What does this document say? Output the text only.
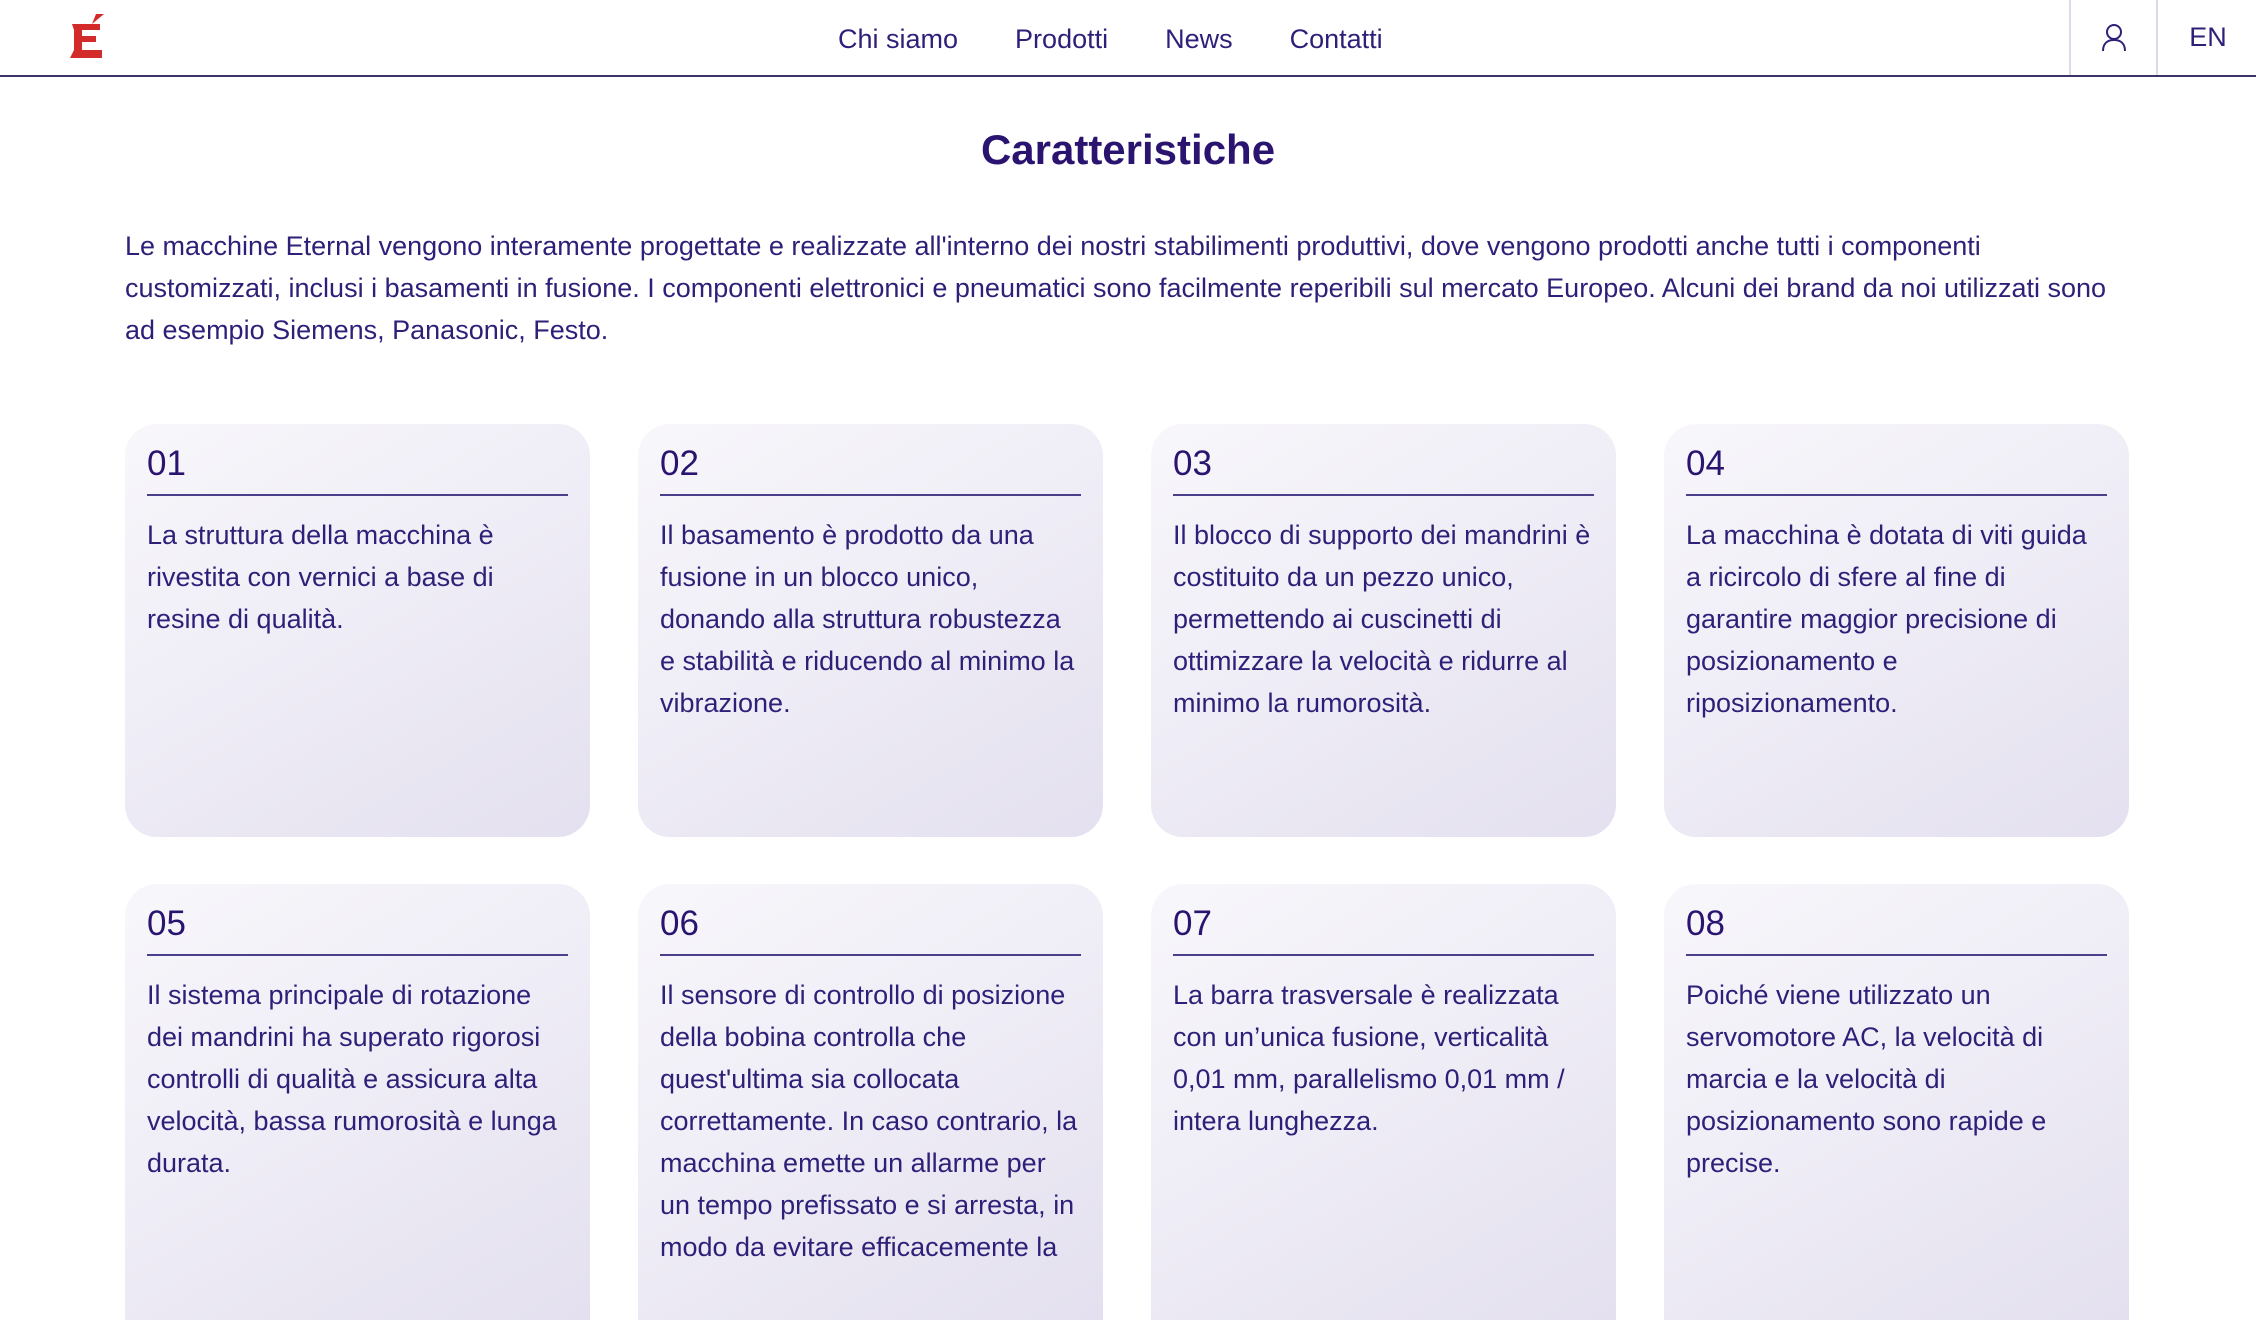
Chi siamo Prodotti News Contatti	EN
Caratteristiche

Le macchine Eternal vengono interamente progettate e realizzate all'interno dei nostri stabilimenti produttivi, dove vengono prodotti anche tutti i componenti customizzati, inclusi i basamenti in fusione. I componenti elettronici e pneumatici sono facilmente reperibili sul mercato Europeo. Alcuni dei brand da noi utilizzati sono ad esempio Siemens, Panasonic, Festo.

01
La struttura della macchina è rivestita con vernici a base di resine di qualità.
02
Il basamento è prodotto da una fusione in un blocco unico, donando alla struttura robustezza e stabilità e riducendo al minimo la vibrazione.
03
Il blocco di supporto dei mandrini è costituito da un pezzo unico, permettendo ai cuscinetti di ottimizzare la velocità e ridurre al minimo la rumorosità.
04
La macchina è dotata di viti guida a ricircolo di sfere al fine di garantire maggior precisione di posizionamento e riposizionamento.
05
Il sistema principale di rotazione dei mandrini ha superato rigorosi controlli di qualità e assicura alta velocità, bassa rumorosità e lunga durata.
06
Il sensore di controllo di posizione della bobina controlla che quest'ultima sia collocata correttamente. In caso contrario, la macchina emette un allarme per un tempo prefissato e si arresta, in modo da evitare efficacemente la
07
La barra trasversale è realizzata con un’unica fusione, verticalità 0,01 mm, parallelismo 0,01 mm / intera lunghezza.
08
Poiché viene utilizzato un servomotore AC, la velocità di marcia e la velocità di posizionamento sono rapide e precise.
